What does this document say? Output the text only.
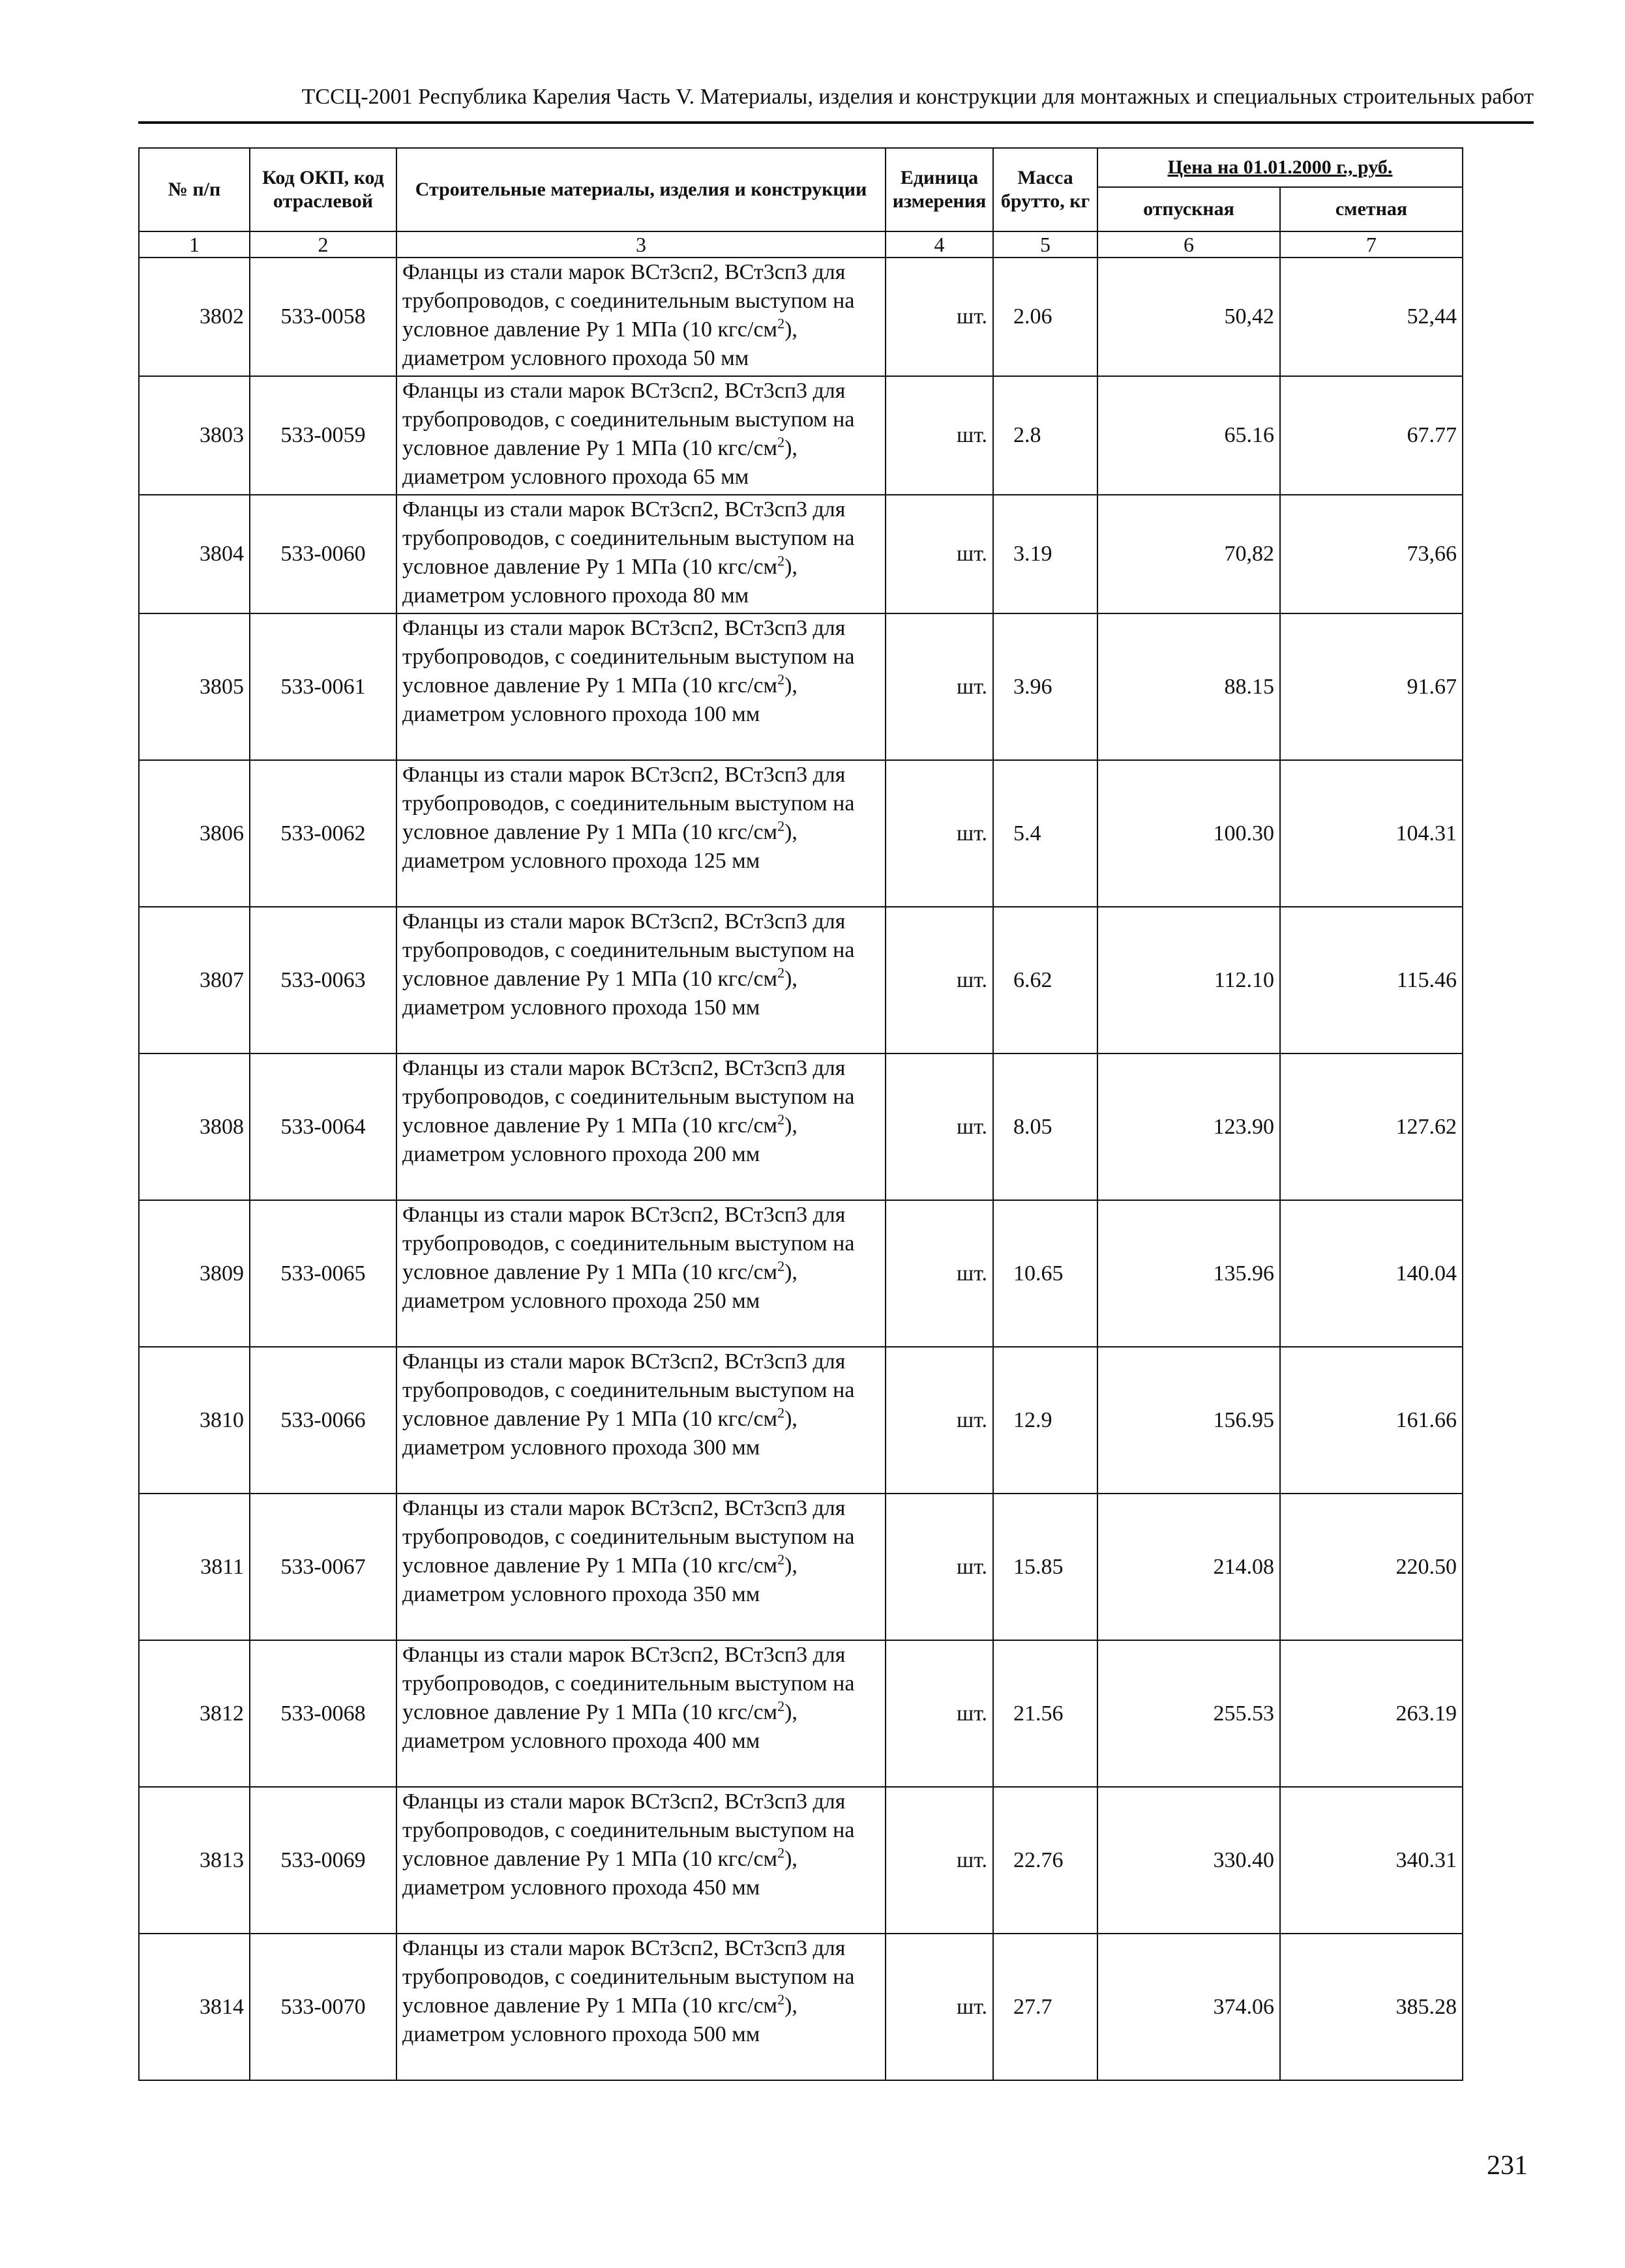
ТССЦ-2001 Республика Карелия Часть V. Материалы, изделия и конструкции для монтажных и специальных строительных работ
№ п/п	Код ОКП, код отраслевой	Строительные материалы, изделия и конструкции	Единица измерения	Масса брутто, кг	Цена на 01.01.2000 г., руб.	
					отпускная	сметная
1	2	3	4	5	6	7
3802	533-0058	Фланцы из стали марок ВСт3сп2, ВСт3сп3 для трубопроводов, с соединительным выступом на условное давление Ру 1 МПа (10 кгс/$см^2$), диаметром условного прохода 50 мм	шт.	2.06	50,42	52,44
3803	533-0059	Фланцы из стали марок ВСт3сп2, ВСт3сп3 для трубопроводов, с соединительным выступом на условное давление Ру 1 МПа (10 кгс/$см^2$), диаметром условного прохода 65 мм	шт.	2.8	65.16	67.77
3804	533-0060	Фланцы из стали марок ВСт3сп2, ВСт3сп3 для трубопроводов, с соединительным выступом на условное давление Ру 1 МПа (10 кгс/$см^2$), диаметром условного прохода 80 мм	шт.	3.19	70,82	73,66
3805	533-0061	Фланцы из стали марок ВСт3сп2, ВСт3сп3 для трубопроводов, с соединительным выступом на условное давление Ру 1 МПа (10 кгс/$см^2$), диаметром условного прохода 100 мм	шт.	3.96	88.15	91.67
3806	533-0062	Фланцы из стали марок ВСт3сп2, ВСт3сп3 для трубопроводов, с соединительным выступом на условное давление Ру 1 МПа (10 кгс/$см^2$), диаметром условного прохода 125 мм	шт.	5.4	100.30	104.31
3807	533-0063	Фланцы из стали марок ВСт3сп2, ВСт3сп3 для трубопроводов, с соединительным выступом на условное давление Ру 1 МПа (10 кгс/$см^2$), диаметром условного прохода 150 мм	шт.	6.62	112.10	115.46
3808	533-0064	Фланцы из стали марок ВСт3сп2, ВСт3сп3 для трубопроводов, с соединительным выступом на условное давление Ру 1 МПа (10 кгс/$см^2$), диаметром условного прохода 200 мм	шт.	8.05	123.90	127.62
3809	533-0065	Фланцы из стали марок ВСт3сп2, ВСт3сп3 для трубопроводов, с соединительным выступом на условное давление Ру 1 МПа (10 кгс/$см^2$), диаметром условного прохода 250 мм	шт.	10.65	135.96	140.04
3810	533-0066	Фланцы из стали марок ВСт3сп2, ВСт3сп3 для трубопроводов, с соединительным выступом на условное давление Ру 1 МПа (10 кгс/$см^2$), диаметром условного прохода 300 мм	шт.	12.9	156.95	161.66
3811	533-0067	Фланцы из стали марок ВСт3сп2, ВСт3сп3 для трубопроводов, с соединительным выступом на условное давление Ру 1 МПа (10 кгс/$см^2$), диаметром условного прохода 350 мм	шт.	15.85	214.08	220.50
3812	533-0068	Фланцы из стали марок ВСт3сп2, ВСт3сп3 для трубопроводов, с соединительным выступом на условное давление Ру 1 МПа (10 кгс/$см^2$), диаметром условного прохода 400 мм	шт.	21.56	255.53	263.19
3813	533-0069	Фланцы из стали марок ВСт3сп2, ВСт3сп3 для трубопроводов, с соединительным выступом на условное давление Ру 1 МПа (10 кгс/$см^2$), диаметром условного прохода 450 мм	шт.	22.76	330.40	340.31
3814	533-0070	Фланцы из стали марок ВСт3сп2, ВСт3сп3 для трубопроводов, с соединительным выступом на условное давление Ру 1 МПа (10 кгс/$см^2$), диаметром условного прохода 500 мм	шт.	27.7	374.06	385.28
231
